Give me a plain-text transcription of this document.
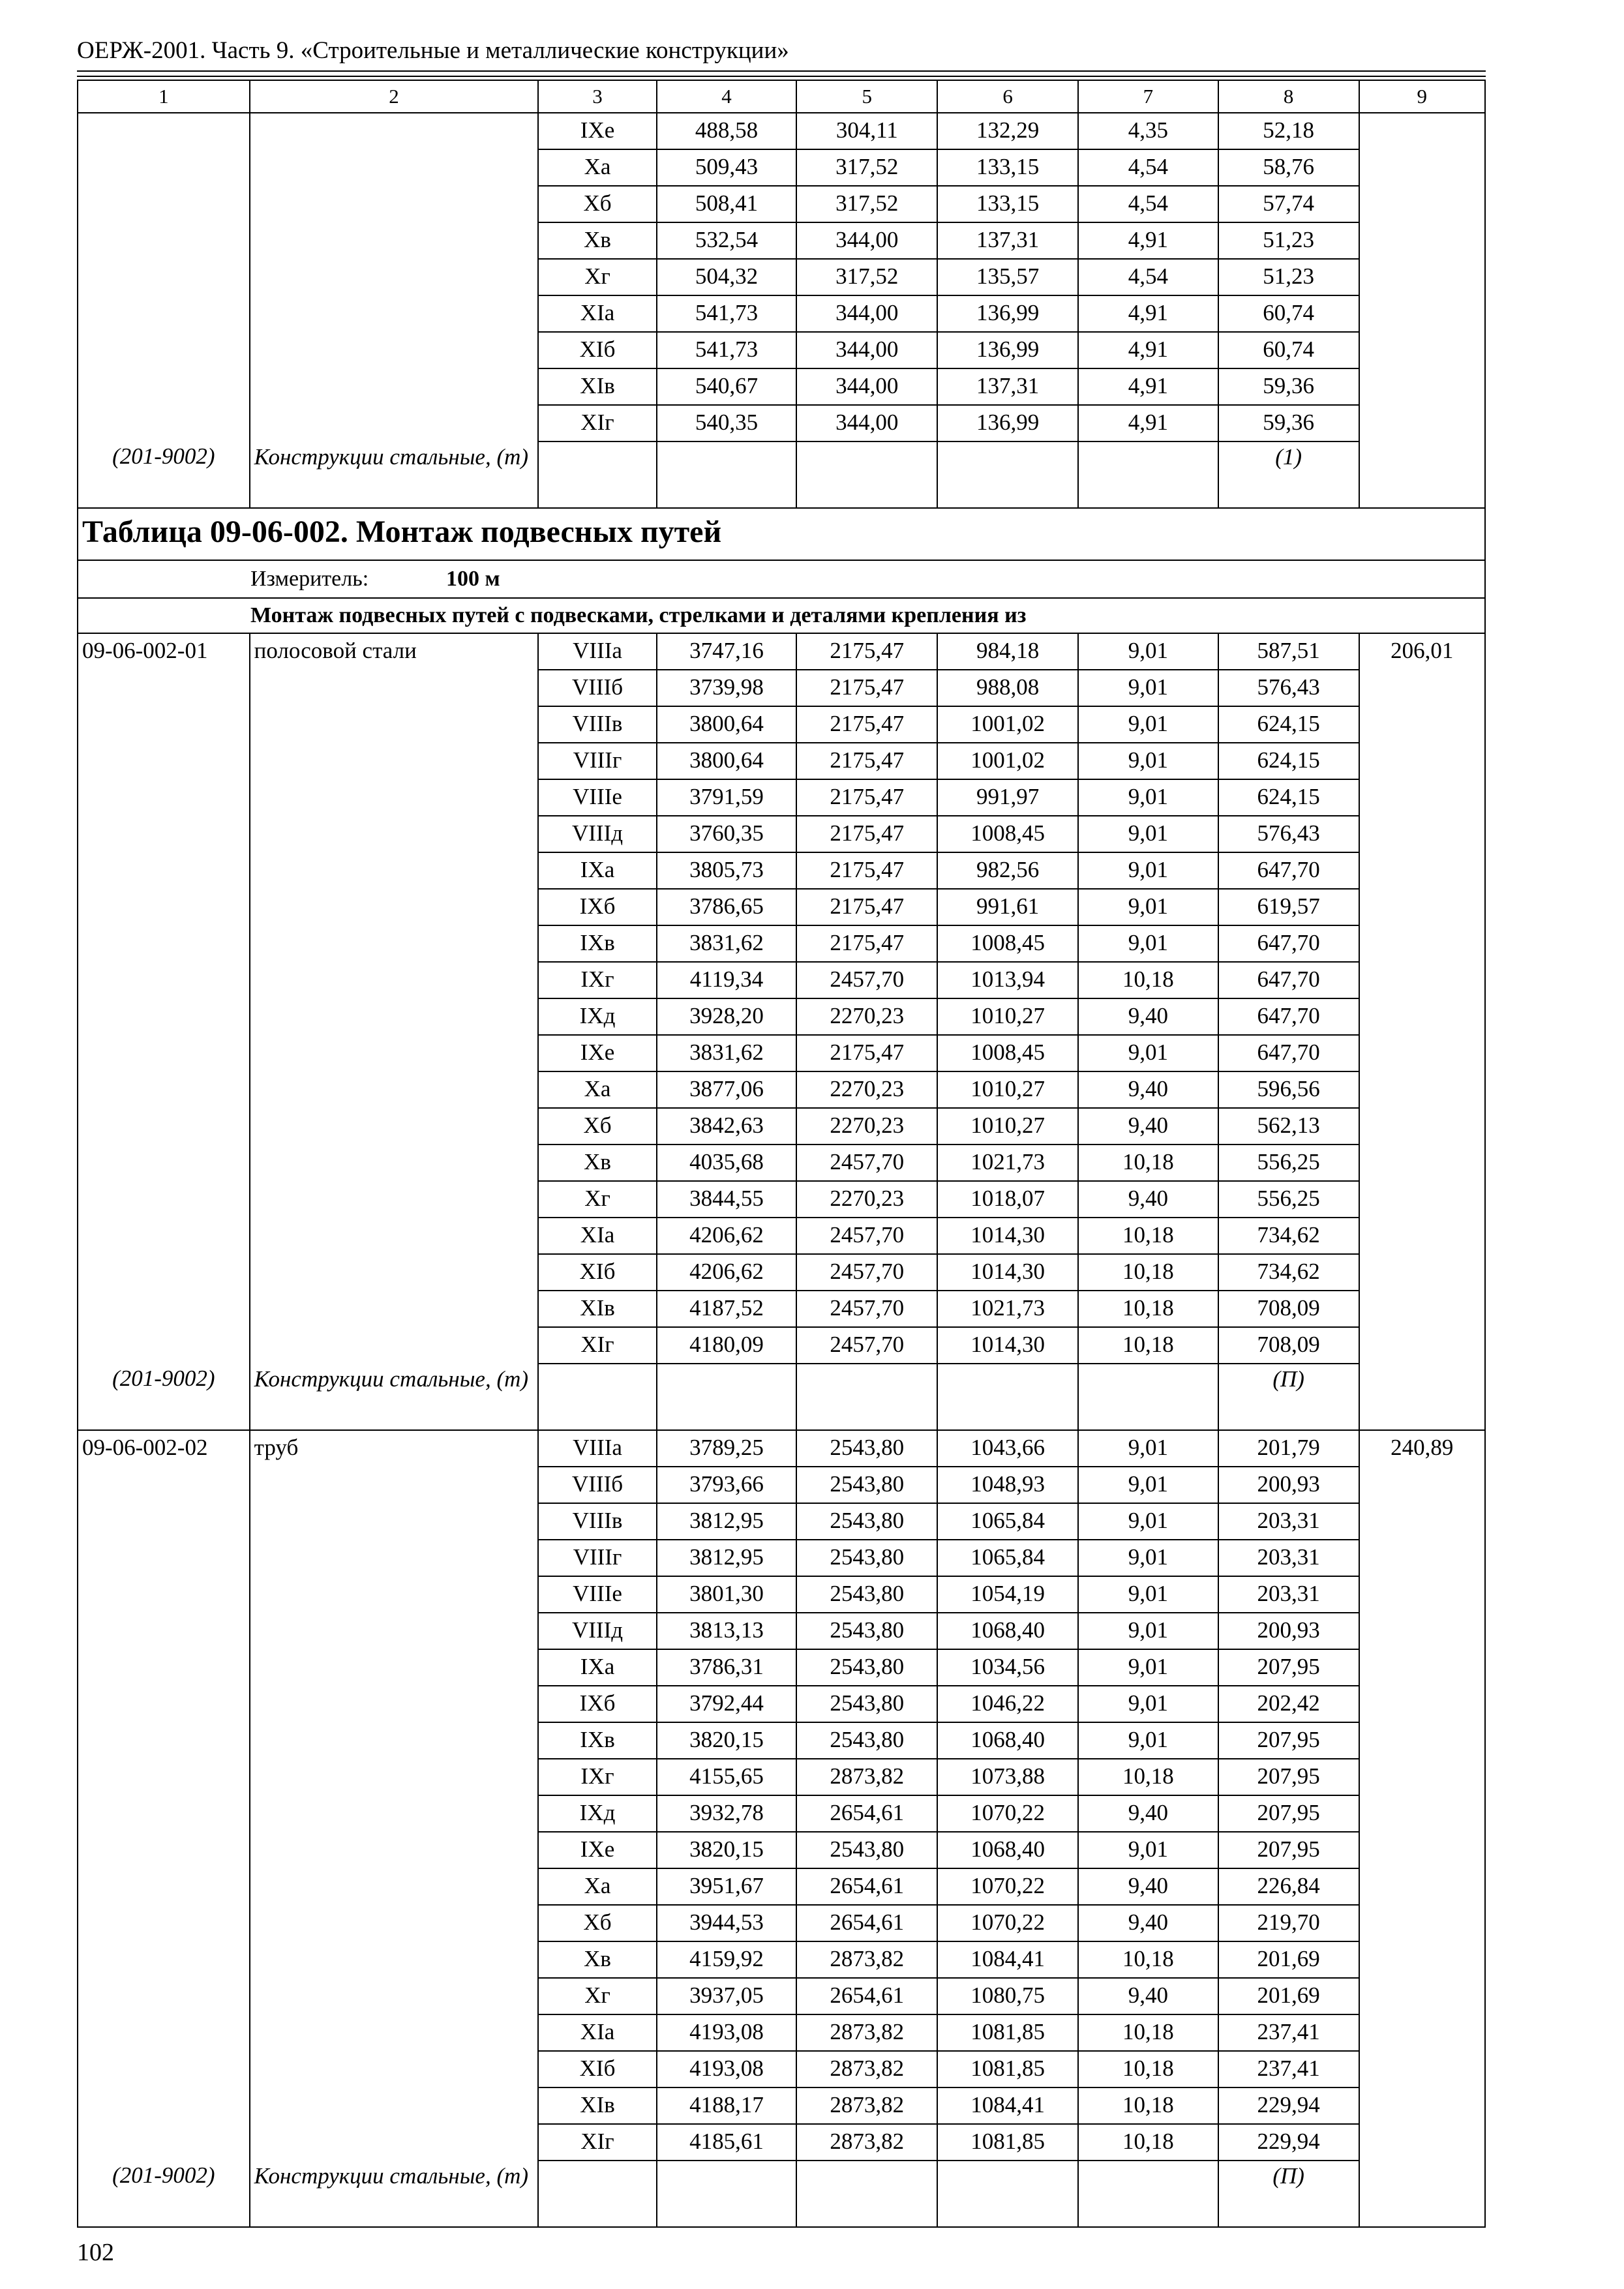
ОЕРЖ-2001. Часть 9. «Строительные и металлические конструкции»
1	2	3	4	5	6	7	8	9
		IXе	488,58	304,11	132,29	4,35	52,18	
		Xа	509,43	317,52	133,15	4,54	58,76	
		Xб	508,41	317,52	133,15	4,54	57,74	
		Xв	532,54	344,00	137,31	4,91	51,23	
		Xг	504,32	317,52	135,57	4,54	51,23	
		XIа	541,73	344,00	136,99	4,91	60,74	
		XIб	541,73	344,00	136,99	4,91	60,74	
		XIв	540,67	344,00	137,31	4,91	59,36	
		XIг	540,35	344,00	136,99	4,91	59,36	
(201-9002)	Конструкции стальные, (т)						(1)	
Таблица 09-06-002. Монтаж подвесных путей								
Измеритель: 100 м								
Монтаж подвесных путей с подвесками, стрелками и деталями крепления из								
09-06-002-01	полосовой стали	VIIIа	3747,16	2175,47	984,18	9,01	587,51	206,01
		VIIIб	3739,98	2175,47	988,08	9,01	576,43	
		VIIIв	3800,64	2175,47	1001,02	9,01	624,15	
		VIIIг	3800,64	2175,47	1001,02	9,01	624,15	
		VIIIе	3791,59	2175,47	991,97	9,01	624,15	
		VIIIд	3760,35	2175,47	1008,45	9,01	576,43	
		IXа	3805,73	2175,47	982,56	9,01	647,70	
		IXб	3786,65	2175,47	991,61	9,01	619,57	
		IXв	3831,62	2175,47	1008,45	9,01	647,70	
		IXг	4119,34	2457,70	1013,94	10,18	647,70	
		IXд	3928,20	2270,23	1010,27	9,40	647,70	
		IXе	3831,62	2175,47	1008,45	9,01	647,70	
		Xа	3877,06	2270,23	1010,27	9,40	596,56	
		Xб	3842,63	2270,23	1010,27	9,40	562,13	
		Xв	4035,68	2457,70	1021,73	10,18	556,25	
		Xг	3844,55	2270,23	1018,07	9,40	556,25	
		XIа	4206,62	2457,70	1014,30	10,18	734,62	
		XIб	4206,62	2457,70	1014,30	10,18	734,62	
		XIв	4187,52	2457,70	1021,73	10,18	708,09	
		XIг	4180,09	2457,70	1014,30	10,18	708,09	
(201-9002)	Конструкции стальные, (т)						(П)	
09-06-002-02	труб	VIIIа	3789,25	2543,80	1043,66	9,01	201,79	240,89
		VIIIб	3793,66	2543,80	1048,93	9,01	200,93	
		VIIIв	3812,95	2543,80	1065,84	9,01	203,31	
		VIIIг	3812,95	2543,80	1065,84	9,01	203,31	
		VIIIе	3801,30	2543,80	1054,19	9,01	203,31	
		VIIIд	3813,13	2543,80	1068,40	9,01	200,93	
		IXа	3786,31	2543,80	1034,56	9,01	207,95	
		IXб	3792,44	2543,80	1046,22	9,01	202,42	
		IXв	3820,15	2543,80	1068,40	9,01	207,95	
		IXг	4155,65	2873,82	1073,88	10,18	207,95	
		IXд	3932,78	2654,61	1070,22	9,40	207,95	
		IXе	3820,15	2543,80	1068,40	9,01	207,95	
		Xа	3951,67	2654,61	1070,22	9,40	226,84	
		Xб	3944,53	2654,61	1070,22	9,40	219,70	
		Xв	4159,92	2873,82	1084,41	10,18	201,69	
		Xг	3937,05	2654,61	1080,75	9,40	201,69	
		XIа	4193,08	2873,82	1081,85	10,18	237,41	
		XIб	4193,08	2873,82	1081,85	10,18	237,41	
		XIв	4188,17	2873,82	1084,41	10,18	229,94	
		XIг	4185,61	2873,82	1081,85	10,18	229,94	
(201-9002)	Конструкции стальные, (т)						(П)	
102
